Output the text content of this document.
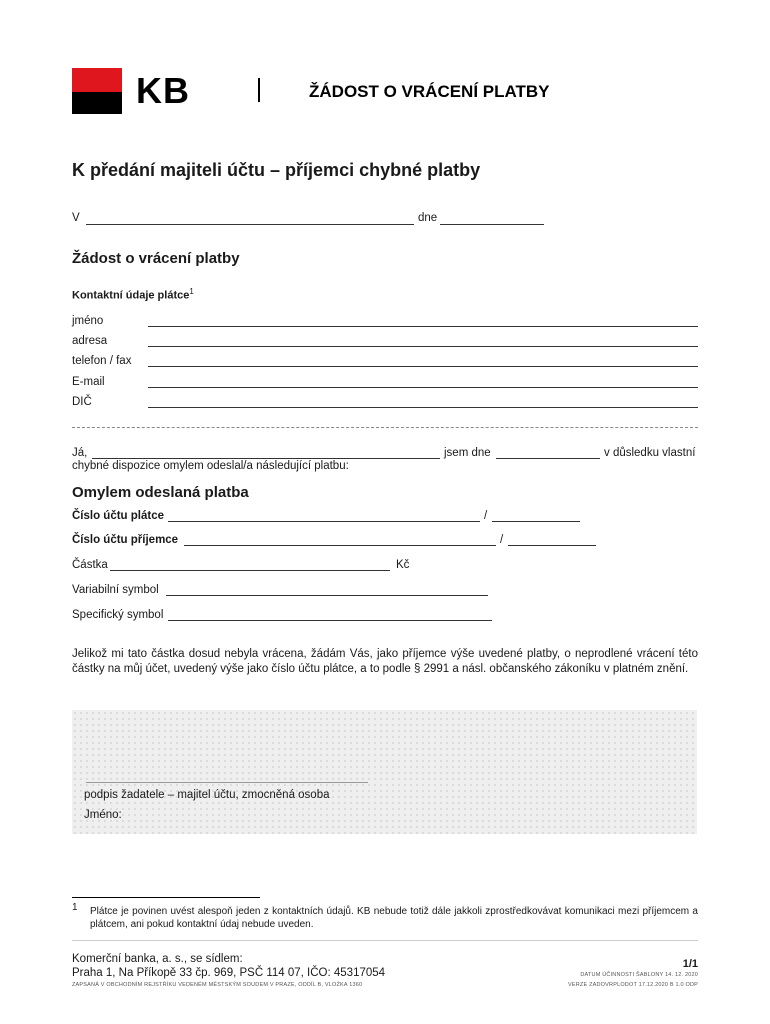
KB	ŽÁDOST O VRÁCENÍ PLATBY
K předání majiteli účtu – příjemci chybné platby
V	dne
Žádost o vrácení platby
Kontaktní údaje plátce$^1$
jméno
adresa
telefon / fax
E-mail
DIČ
Já,	jsem dne	v důsledku vlastní
chybné dispozice omylem odeslal/a následující platbu:
Omylem odeslaná platba
Číslo účtu plátce	/
Číslo účtu příjemce	/
Částka	Kč
Variabilní symbol
Specifický symbol
Jelikož mi tato částka dosud nebyla vrácena, žádám Vás, jako příjemce výše uvedené platby, o neprodlené vrácení této částky na můj účet, uvedený výše jako číslo účtu plátce, a to podle § 2991 a násl. občanského zákoníku v platném znění.
podpis žadatele – majitel účtu, zmocněná osoba
Jméno:
1 Plátce je povinen uvést alespoň jeden z kontaktních údajů. KB nebude totiž dále jakkoli zprostředkovávat komunikaci mezi příjemcem a plátcem, ani pokud kontaktní údaj nebude uveden.
Komerční banka, a. s., se sídlem:
Praha 1, Na Příkopě 33 čp. 969, PSČ 114 07, IČO: 45317054
ZAPSANÁ V OBCHODNÍM REJSTŘÍKU VEDENÉM MĚSTSKÝM SOUDEM V PRAZE, ODDÍL B, VLOŽKA 1360
1/1
DATUM ÚČINNOSTI ŠABLONY 14. 12. 2020
VERZE ZADOVRPLODOT 17.12.2020 B 1.0 ODP
